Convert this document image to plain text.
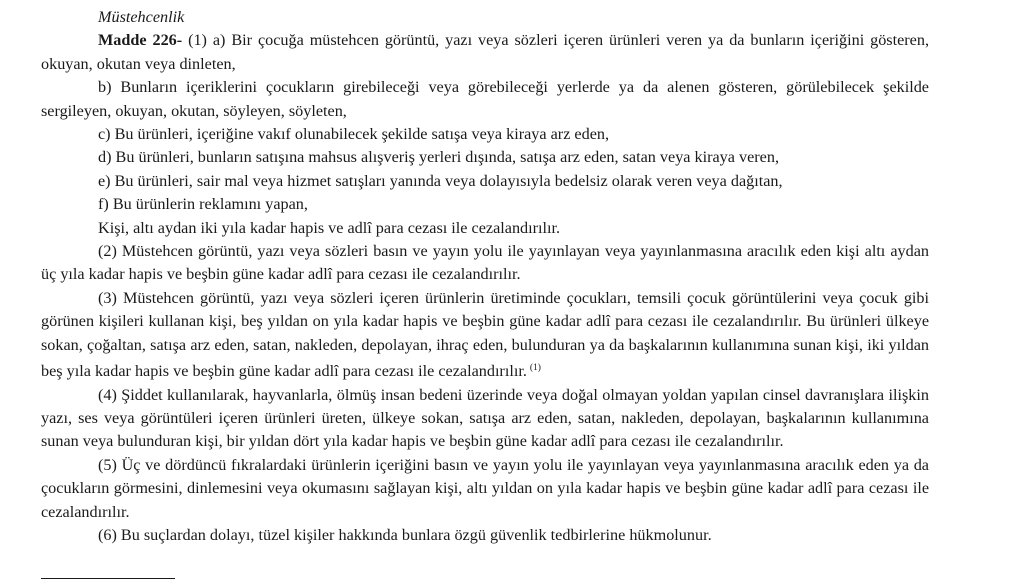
Müstehcenlik

Madde 226- (1) a) Bir çocuğa müstehcen görüntü, yazı veya sözleri içeren ürünleri veren ya da bunların içeriğini gösteren, okuyan, okutan veya dinleten,

b) Bunların içeriklerini çocukların girebileceği veya görebileceği yerlerde ya da alenen gösteren, görülebilecek şekilde sergileyen, okuyan, okutan, söyleyen, söyleten,

c) Bu ürünleri, içeriğine vakıf olunabilecek şekilde satışa veya kiraya arz eden,

d) Bu ürünleri, bunların satışına mahsus alışveriş yerleri dışında, satışa arz eden, satan veya kiraya veren,

e) Bu ürünleri, sair mal veya hizmet satışları yanında veya dolayısıyla bedelsiz olarak veren veya dağıtan,

f) Bu ürünlerin reklamını yapan,

Kişi, altı aydan iki yıla kadar hapis ve adlî para cezası ile cezalandırılır.

(2) Müstehcen görüntü, yazı veya sözleri basın ve yayın yolu ile yayınlayan veya yayınlanmasına aracılık eden kişi altı aydan üç yıla kadar hapis ve beşbin güne kadar adlî para cezası ile cezalandırılır.

(3) Müstehcen görüntü, yazı veya sözleri içeren ürünlerin üretiminde çocukları, temsili çocuk görüntülerini veya çocuk gibi görünen kişileri kullanan kişi, beş yıldan on yıla kadar hapis ve beşbin güne kadar adlî para cezası ile cezalandırılır. Bu ürünleri ülkeye sokan, çoğaltan, satışa arz eden, satan, nakleden, depolayan, ihraç eden, bulunduran ya da başkalarının kullanımına sunan kişi, iki yıldan beş yıla kadar hapis ve beşbin güne kadar adlî para cezası ile cezalandırılır. $^{(1)}$

(4) Şiddet kullanılarak, hayvanlarla, ölmüş insan bedeni üzerinde veya doğal olmayan yoldan yapılan cinsel davranışlara ilişkin yazı, ses veya görüntüleri içeren ürünleri üreten, ülkeye sokan, satışa arz eden, satan, nakleden, depolayan, başkalarının kullanımına sunan veya bulunduran kişi, bir yıldan dört yıla kadar hapis ve beşbin güne kadar adlî para cezası ile cezalandırılır.

(5) Üç ve dördüncü fıkralardaki ürünlerin içeriğini basın ve yayın yolu ile yayınlayan veya yayınlanmasına aracılık eden ya da çocukların görmesini, dinlemesini veya okumasını sağlayan kişi, altı yıldan on yıla kadar hapis ve beşbin güne kadar adlî para cezası ile cezalandırılır.

(6) Bu suçlardan dolayı, tüzel kişiler hakkında bunlara özgü güvenlik tedbirlerine hükmolunur.
